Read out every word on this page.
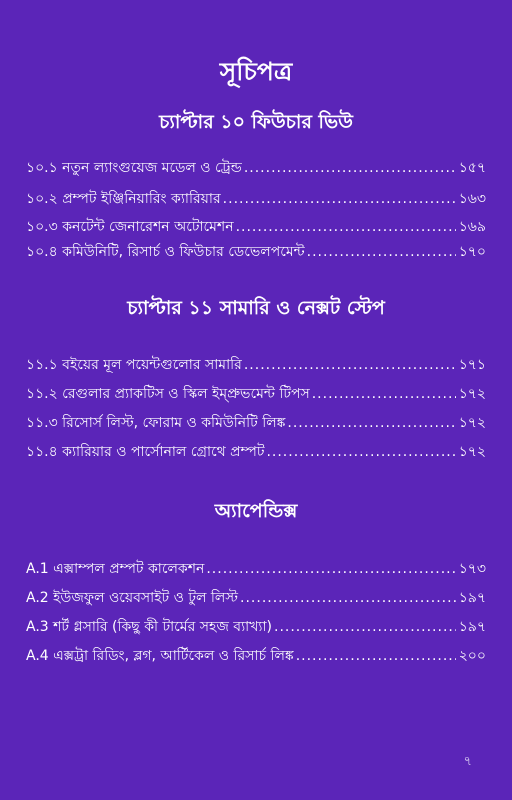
সূচিপত্র
চ্যাপ্টার ১০ ফিউচার ভিউ
১০.১ নতুন ল্যাংগুয়েজ মডেল ও ট্রেন্ড .....	১৫৭
১০.২ প্রম্পট ইঞ্জিনিয়ারিং ক্যারিয়ার .....	১৬৩
১০.৩ কনটেন্ট জেনারেশন অটোমেশন .....	১৬৯
১০.৪ কমিউনিটি, রিসার্চ ও ফিউচার ডেভেলপমেন্ট .....	১৭০
চ্যাপ্টার ১১ সামারি ও নেক্সট স্টেপ
১১.১ বইয়ের মূল পয়েন্টগুলোর সামারি .....	১৭১
১১.২ রেগুলার প্র্যাকটিস ও স্কিল ইম্প্রুভমেন্ট টিপস .....	১৭২
১১.৩ রিসোর্স লিস্ট, ফোরাম ও কমিউনিটি লিঙ্ক .....	১৭২
১১.৪ ক্যারিয়ার ও পার্সোনাল গ্রোথে প্রম্পট .....	১৭২
অ্যাপেন্ডিক্স
A.1 এক্সাম্পল প্রম্পট কালেকশন .....	১৭৩
A.2 ইউজফুল ওয়েবসাইট ও টুল লিস্ট .....	১৯৭
A.3 শর্ট গ্লসারি (কিছু কী টার্মের সহজ ব্যাখ্যা) .....	১৯৭
A.4 এক্সট্রা রিডিং, ব্লগ, আর্টিকেল ও রিসার্চ লিঙ্ক .....	২০০
৭
